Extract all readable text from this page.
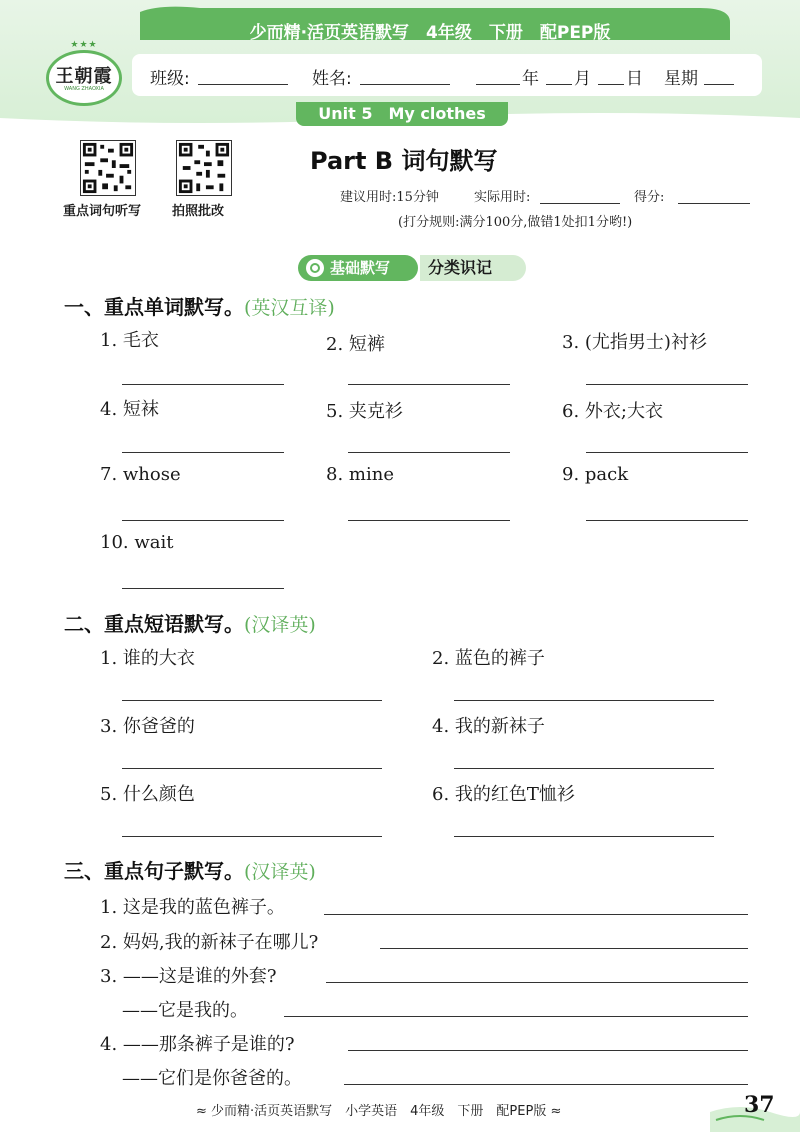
少而精·活页英语默写　4年级　下册　配PEP版
★★★
王朝霞
WANG ZHAOXIA	班级:	姓名:	年 月 日 星期
Unit 5　My clothes
重点词句听写 拍照批改
Part B 词句默写
建议用时:15分钟	实际用时:	得分:
(打分规则:满分100分,做错1处扣1分哟!)
基础默写	分类识记
一、重点单词默写。(英汉互译)
1. 毛衣	2. 短裤	3. (尤指男士)衬衫
4. 短袜	5. 夹克衫	6. 外衣;大衣
7. whose	8. mine	9. pack
10. wait
二、重点短语默写。(汉译英)
1. 谁的大衣	2. 蓝色的裤子
3. 你爸爸的	4. 我的新袜子
5. 什么颜色	6. 我的红色T恤衫
三、重点句子默写。(汉译英)
1. 这是我的蓝色裤子。
2. 妈妈,我的新袜子在哪儿?
3. ——这是谁的外套?
——它是我的。
4. ——那条裤子是谁的?
——它们是你爸爸的。
≈ 少而精·活页英语默写　小学英语　4年级　下册　配PEP版 ≈	37
